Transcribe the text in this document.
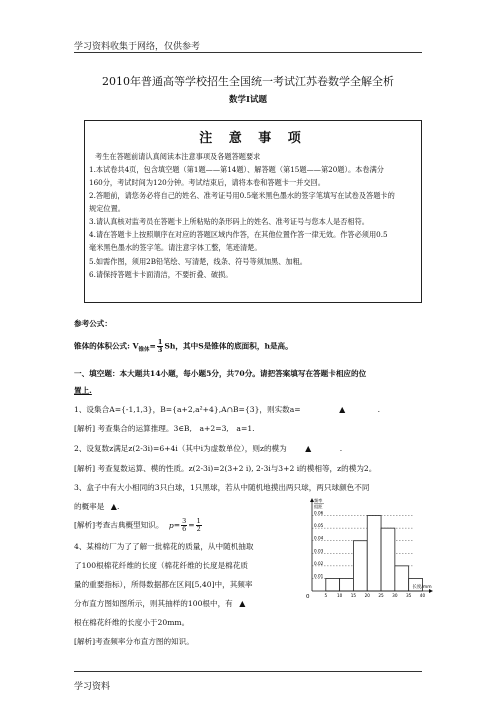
学习资料收集于网络，仅供参考
2010年普通高等学校招生全国统一考试江苏卷数学全解全析
数学Ⅰ试题
注 意 事 项
考生在答题前请认真阅读本注意事项及各题答题要求
1.本试卷共4页，包含填空题（第1题——第14题）、解答题（第15题——第20题）。本卷满分
160分，考试时间为120分钟。考试结束后，请将本卷和答题卡一并交回。
2.答题前，请您务必将自己的姓名、准考证号用0.5毫米黑色墨水的签字笔填写在试卷及答题卡的
规定位置。
3.请认真核对监考员在答题卡上所粘贴的条形码上的姓名、准考证号与您本人是否相符。
4.请在答题卡上按照顺序在对应的答题区域内作答，在其他位置作答一律无效。作答必须用0.5
毫米黑色墨水的签字笔。请注意字体工整，笔迹清楚。
5.如需作图，须用2B铅笔绘、写清楚，线条、符号等须加黑、加粗。
6.请保持答题卡卡面清洁，不要折叠、破损。
参考公式：
锥体的体积公式: $V_{锥体}= \frac{1}{3}$ Sh，其中S是锥体的底面积，h是高。
一、填空题：本大题共14小题，每小题5分，共70分。请把答案填写在答题卡相应的位
置上.
1、设集合A={-1,1,3}，B={a+2,a²+4},A∩B={3}，则实数a=	▲	.
[解析] 考查集合的运算推理。3∈B,　a+2=3,　a=1.
2、设复数z满足z(2-3i)=6+4i（其中i为虚数单位），则z的模为 ▲	.
[解析] 考查复数运算、模的性质。z(2-3i)=2(3+2 i), 2-3i与3+2 i的模相等，z的模为2。
3、盒子中有大小相同的3只白球，1只黑球，若从中随机地摸出两只球，两只球颜色不同
的概率是 ▲.
[解析]考查古典概型知识。 $p= \frac{3}{6} = \frac{1}{2}$
4、某棉纺厂为了了解一批棉花的质量，从中随机抽取
了100根棉花纤维的长度（棉花纤维的长度是棉花质
量的重要指标），所得数据都在区间[5,40]中，其频率
分布直方图如图所示，则其抽样的100根中，有 ▲
根在棉花纤维的长度小于20mm。
[解析]考查频率分布直方图的知识。
0.06
0.05
0.04
0.03
0.02
0.01
5 10 15 20 25 30 35 40
0
频率
组距
长度/mm
学习资料
